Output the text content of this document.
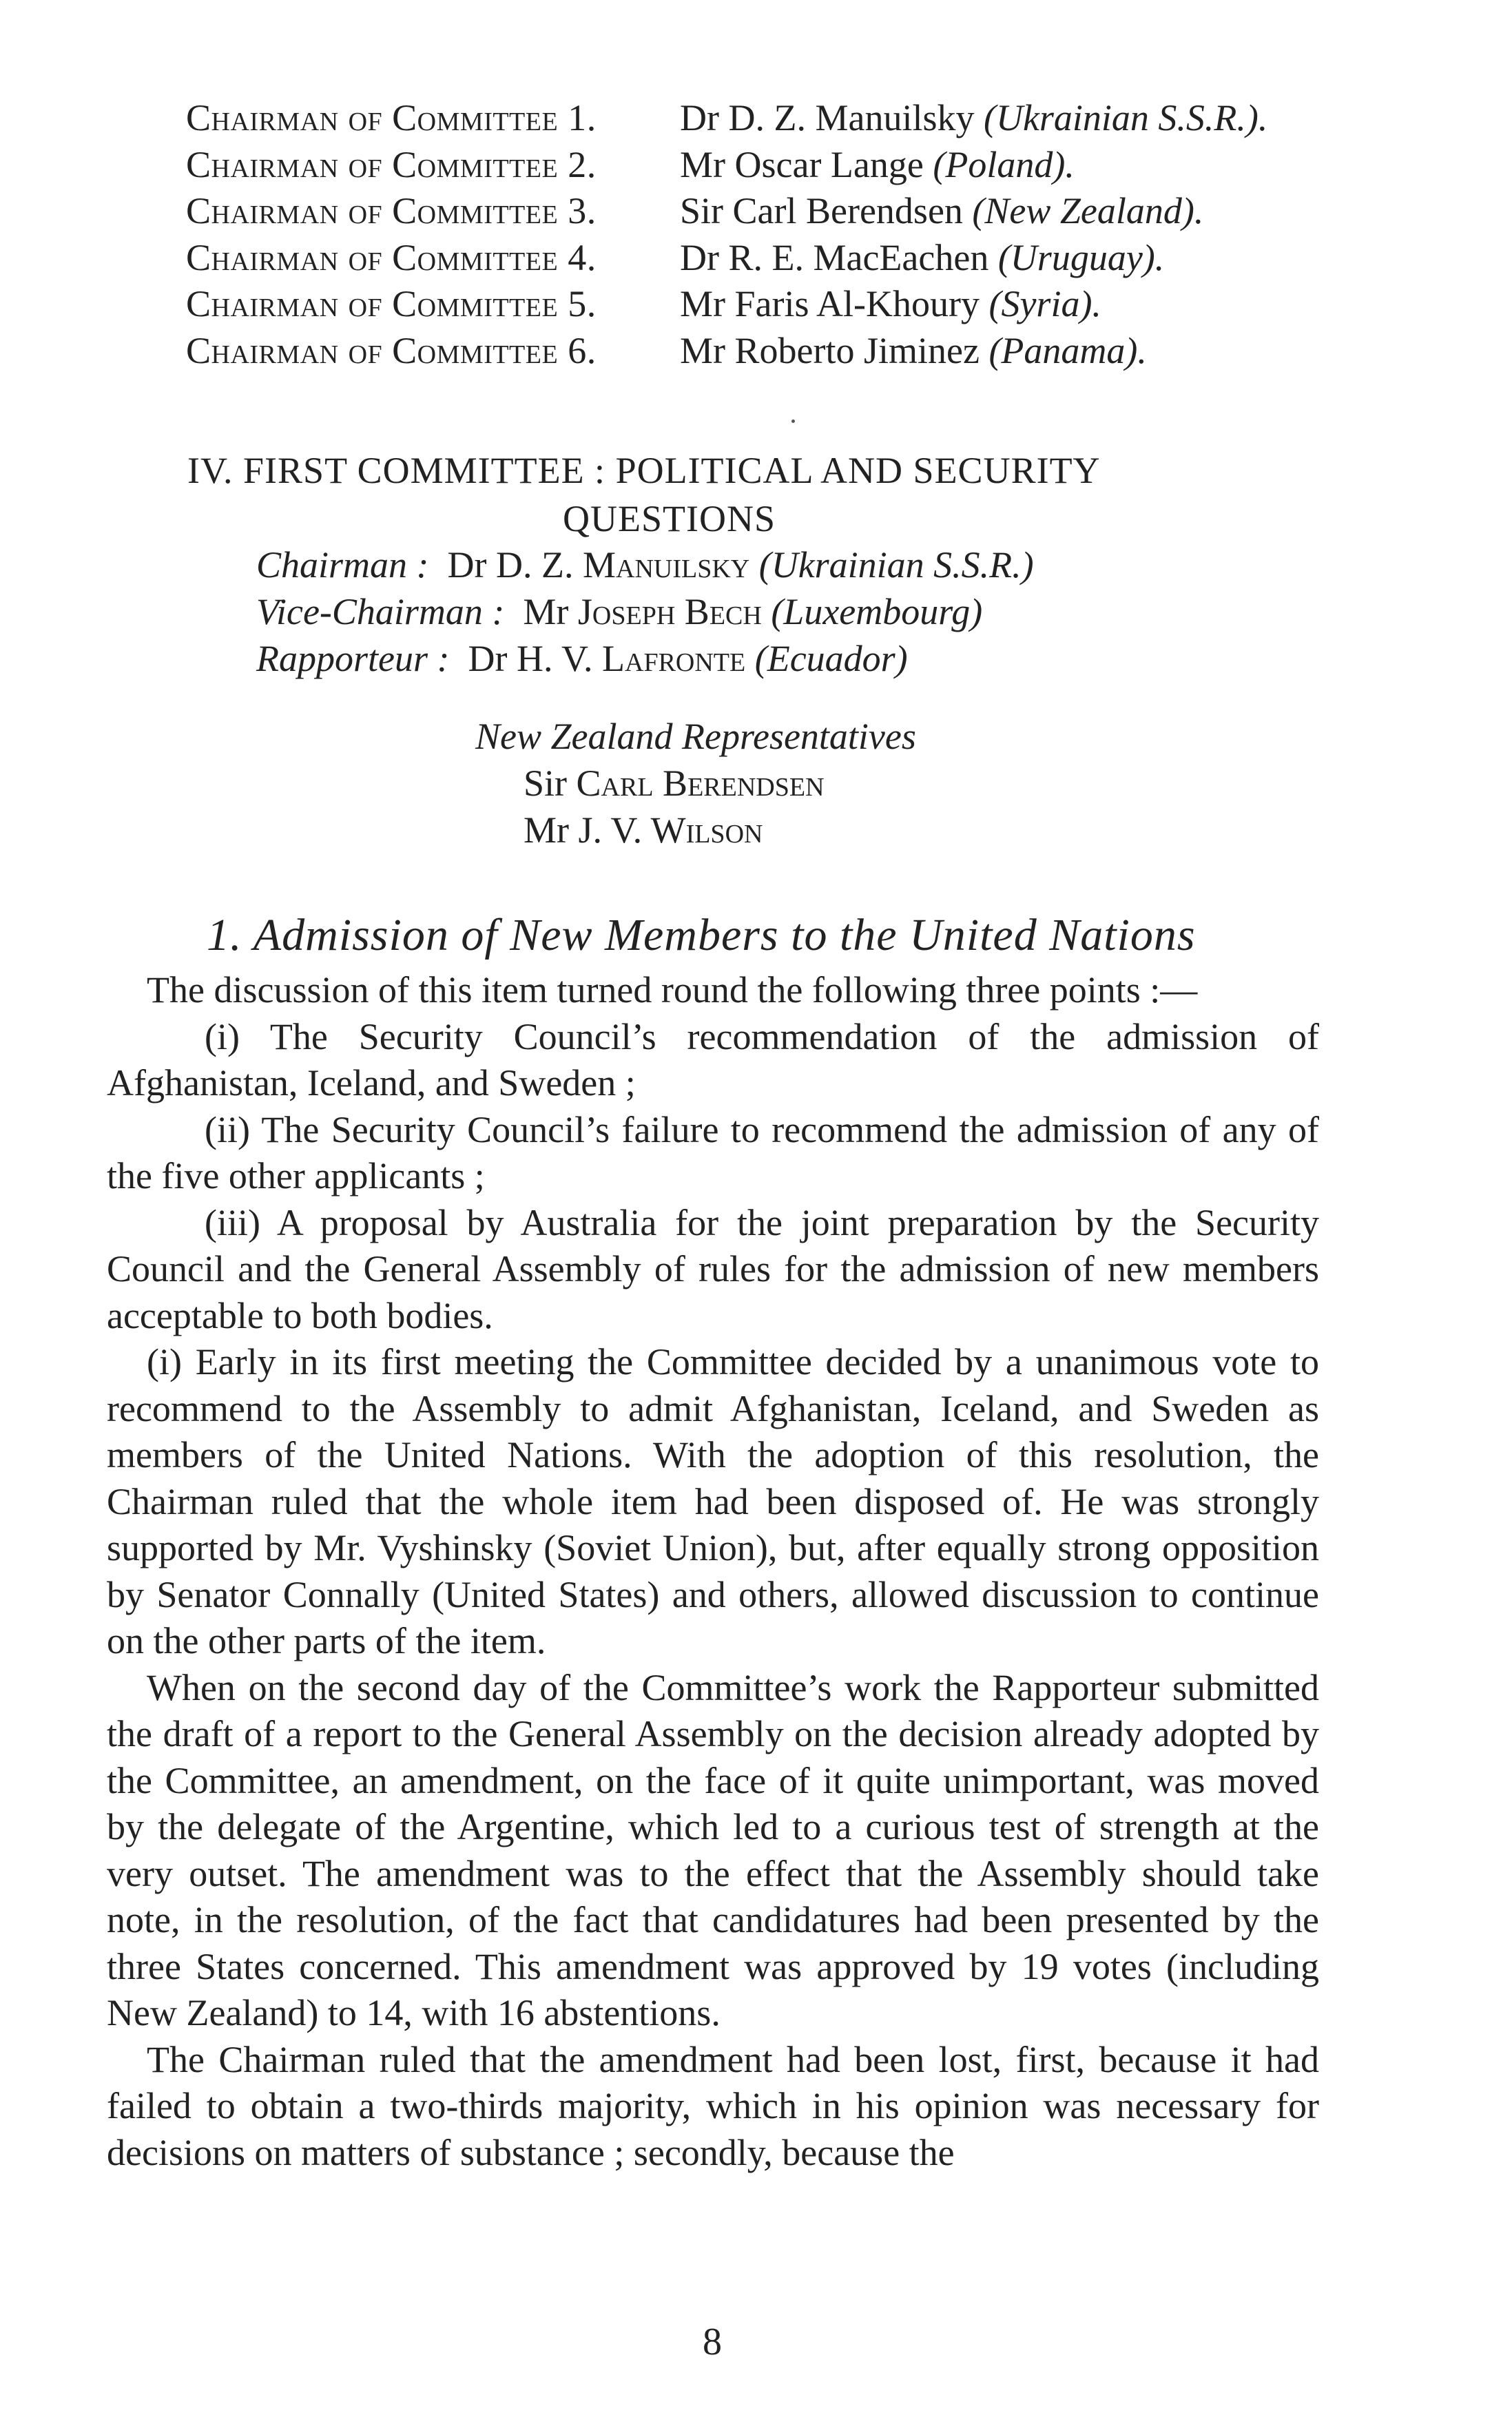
Chairman of Committee 1. Dr D. Z. Manuilsky (Ukrainian S.S.R.).
Chairman of Committee 2. Mr Oscar Lange (Poland).
Chairman of Committee 3. Sir Carl Berendsen (New Zealand).
Chairman of Committee 4. Dr R. E. MacEachen (Uruguay).
Chairman of Committee 5. Mr Faris Al-Khoury (Syria).
Chairman of Committee 6. Mr Roberto Jiminez (Panama).
IV. FIRST COMMITTEE : POLITICAL AND SECURITY
QUESTIONS
Chairman : Dr D. Z. Manuilsky (Ukrainian S.S.R.)
Vice-Chairman : Mr Joseph Bech (Luxembourg)
Rapporteur : Dr H. V. Lafronte (Ecuador)
New Zealand Representatives
Sir Carl Berendsen
Mr J. V. Wilson
1. Admission of New Members to the United Nations

The discussion of this item turned round the following three points :—

(i) The Security Council’s recommendation of the admission of Afghanistan, Iceland, and Sweden ;

(ii) The Security Council’s failure to recommend the admission of any of the five other applicants ;

(iii) A proposal by Australia for the joint preparation by the Security Council and the General Assembly of rules for the admission of new members acceptable to both bodies.

(i) Early in its first meeting the Committee decided by a unanimous vote to recommend to the Assembly to admit Afghanistan, Iceland, and Sweden as members of the United Nations. With the adoption of this resolution, the Chairman ruled that the whole item had been disposed of. He was strongly supported by Mr. Vyshinsky (Soviet Union), but, after equally strong opposition by Senator Connally (United States) and others, allowed discussion to continue on the other parts of the item.

When on the second day of the Committee’s work the Rapporteur submitted the draft of a report to the General Assembly on the decision already adopted by the Committee, an amendment, on the face of it quite unimportant, was moved by the delegate of the Argentine, which led to a curious test of strength at the very outset. The amendment was to the effect that the Assembly should take note, in the resolution, of the fact that candidatures had been presented by the three States concerned. This amendment was approved by 19 votes (including New Zealand) to 14, with 16 abstentions.

The Chairman ruled that the amendment had been lost, first, because it had failed to obtain a two-thirds majority, which in his opinion was necessary for decisions on matters of substance ; secondly, because the

8
